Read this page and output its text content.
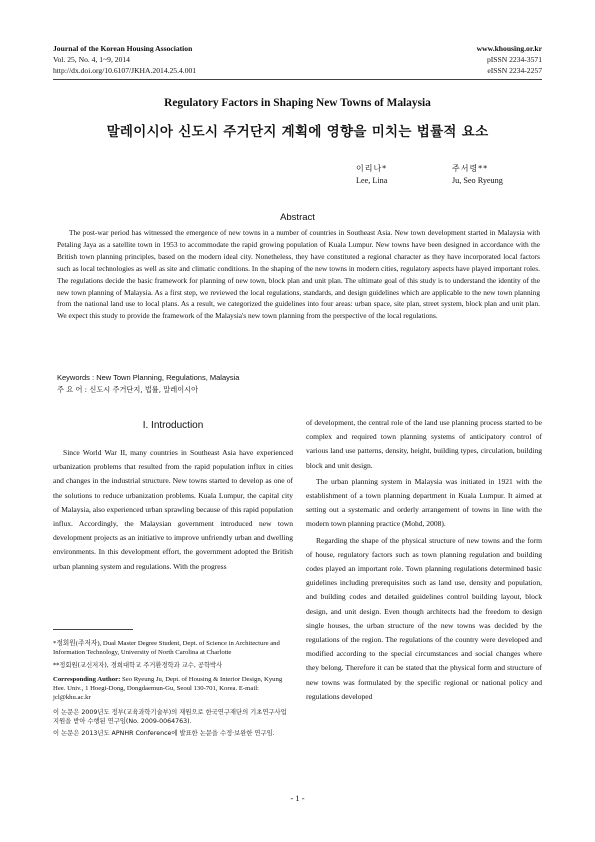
Journal of the Korean Housing Association
Vol. 25, No. 4, 1~9, 2014
http://dx.doi.org/10.6107/JKHA.2014.25.4.001
www.khousing.or.kr
pISSN 2234-3571
eISSN 2234-2257
Regulatory Factors in Shaping New Towns of Malaysia
말레이시아 신도시 주거단지 계획에 영향을 미치는 법률적 요소
이리나*
Lee, Lina
주서령**
Ju, Seo Ryeung
Abstract
The post-war period has witnessed the emergence of new towns in a number of countries in Southeast Asia. New town development started in Malaysia with Petaling Jaya as a satellite town in 1953 to accommodate the rapid growing population of Kuala Lumpur. New towns have been designed in accordance with the British town planning principles, based on the modern ideal city. Nonetheless, they have constituted a regional character as they have incorporated local factors such as local technologies as well as site and climatic conditions. In the shaping of the new towns in modern cities, regulatory aspects have played important roles. The regulations decide the basic framework for planning of new town, block plan and unit plan. The ultimate goal of this study is to understand the identity of the new town planning of Malaysia. As a first step, we reviewed the local regulations, standards, and design guidelines which are applicable to the new town planning from the national land use to local plans. As a result, we categorized the guidelines into four areas: urban space, site plan, street system, block plan and unit plan. We expect this study to provide the framework of the Malaysia's new town planning from the perspective of the local regulations.
Keywords : New Town Planning, Regulations, Malaysia
주 요 어 : 신도시 주거단지, 법률, 말레이시아
I. Introduction

Since World War II, many countries in Southeast Asia have experienced urbanization problems that resulted from the rapid population influx in cities and changes in the industrial structure. New towns started to develop as one of the solutions to reduce urbanization problems. Kuala Lumpur, the capital city of Malaysia, also experienced urban sprawling because of this rapid population influx. Accordingly, the Malaysian government introduced new town development projects as an initiative to improve unfriendly urban and dwelling environments. In this development effort, the government adopted the British urban planning system and regulations. With the progress

*정회원(주저자), Dual Master Degree Student, Dept. of Science in Architecture and Information Technology, University of North Carolina at Charlotte

**정회원(교신저자), 경희대학교 주거환경학과 교수, 공학박사

Corresponding Author: Seo Ryeung Ju, Dept. of Housing & Interior Design, Kyung Hee. Univ., 1 Hoegi-Dong, Dongdaemun-Gu, Seoul 130-701, Korea. E-mail: jcl@khu.ac.kr

이 논문은 2009년도 정부(교육과학기술부)의 재원으로 한국연구재단의 기초연구사업 지원을 받아 수행된 연구임(No. 2009-0064763).

이 논문은 2013년도 APNHR Conference에 발표한 논문을 수정·보완한 연구임.

of development, the central role of the land use planning process started to be complex and required town planning systems of anticipatory control of various land use patterns, density, height, building types, circulation, building block and unit design.

The urban planning system in Malaysia was initiated in 1921 with the establishment of a town planning department in Kuala Lumpur. It aimed at setting out a systematic and orderly arrangement of towns in line with the modern town planning practice (Mohd, 2008).

Regarding the shape of the physical structure of new towns and the form of house, regulatory factors such as town planning regulation and building codes played an important role. Town planning regulations determined basic guidelines including prerequisites such as land use, density and population, and building codes and detailed guidelines control building layout, block design, and unit design. Even though architects had the freedom to design single houses, the urban structure of the new towns was decided by the regulations of the region. The regulations of the country were developed and modified according to the special circumstances and social changes where they belong. Therefore it can be stated that the physical form and structure of new towns was formulated by the specific regional or national policy and regulations developed

- 1 -
